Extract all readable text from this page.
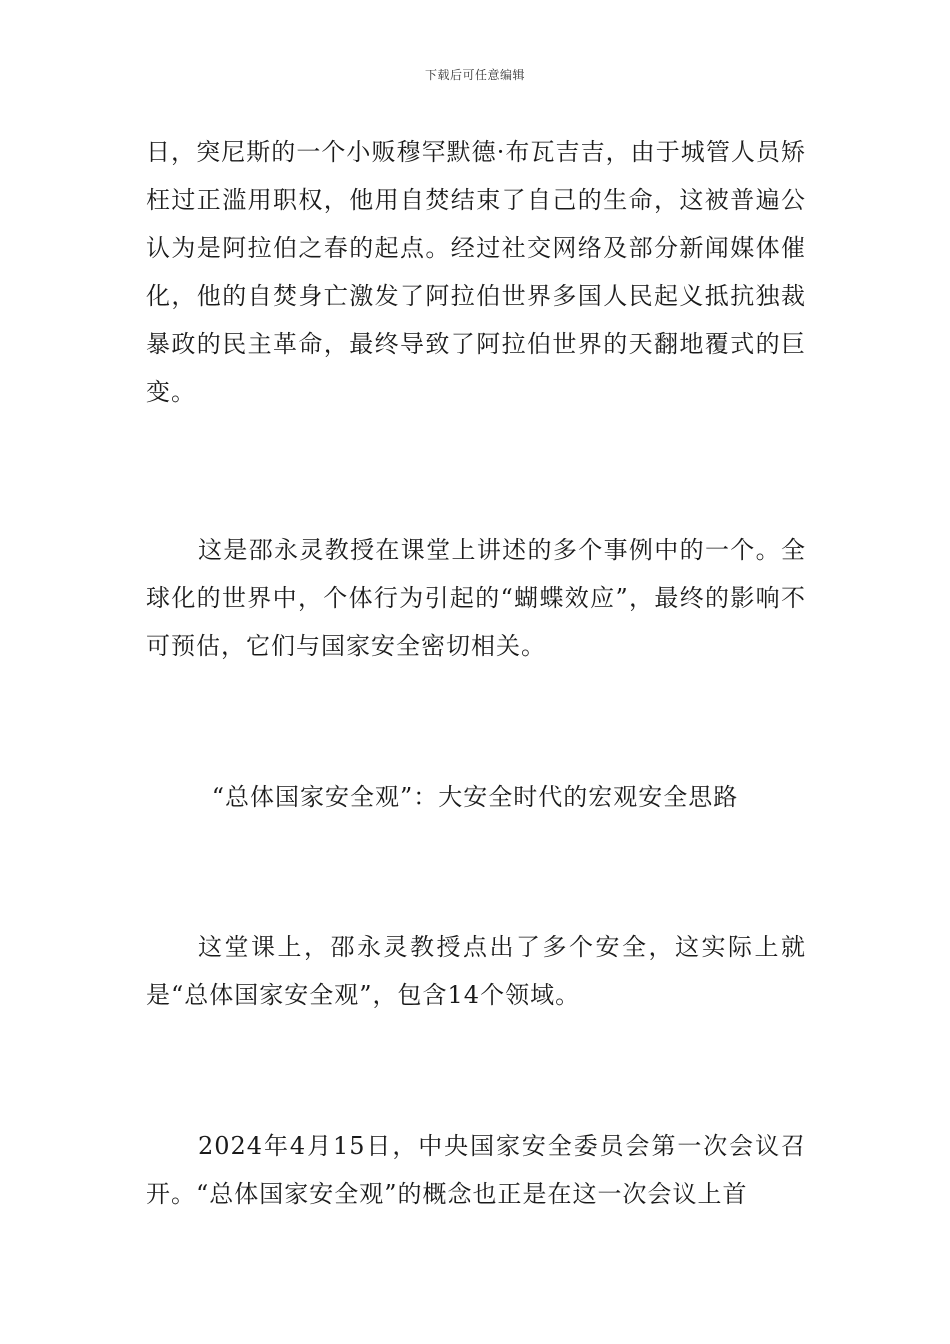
下载后可任意编辑

日，突尼斯的一个小贩穆罕默德·布瓦吉吉，由于城管人员矫枉过正滥用职权，他用自焚结束了自己的生命，这被普遍公认为是阿拉伯之春的起点。经过社交网络及部分新闻媒体催化，他的自焚身亡激发了阿拉伯世界多国人民起义抵抗独裁暴政的民主革命，最终导致了阿拉伯世界的天翻地覆式的巨变。

这是邵永灵教授在课堂上讲述的多个事例中的一个。全球化的世界中，个体行为引起的“蝴蝶效应”，最终的影响不可预估，它们与国家安全密切相关。

“总体国家安全观”：大安全时代的宏观安全思路

这堂课上，邵永灵教授点出了多个安全，这实际上就是“总体国家安全观”，包含14个领域。

2024年4月15日，中央国家安全委员会第一次会议召开。“总体国家安全观”的概念也正是在这一次会议上首
